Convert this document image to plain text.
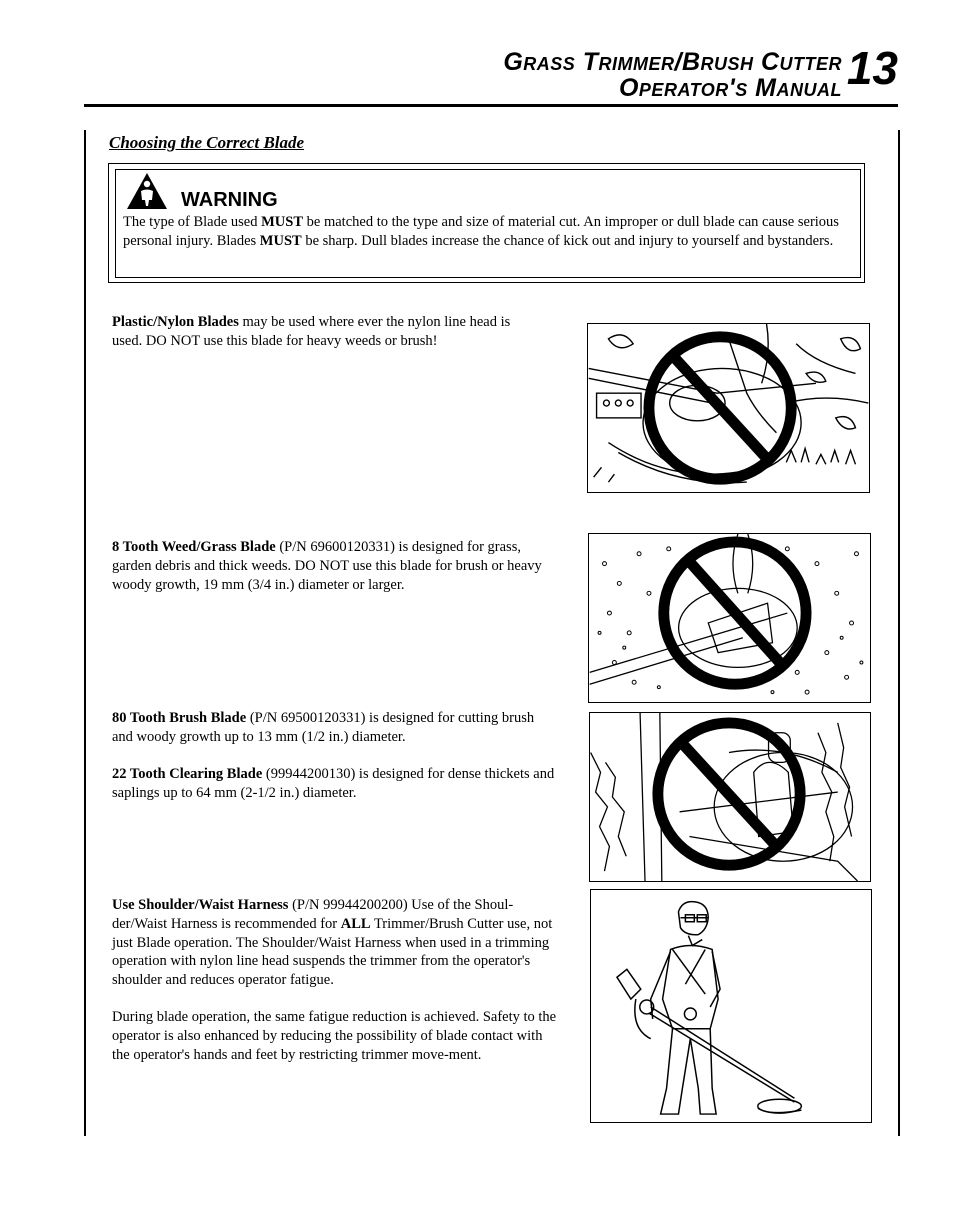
Grass Trimmer/Brush Cutter
Operator's Manual 13
Choosing the Correct Blade
WARNING
The type of Blade used MUST be matched to the type and size of material cut. An improper or dull blade can cause serious personal injury. Blades MUST be sharp. Dull blades increase the chance of kick out and injury to yourself and bystanders.
Plastic/Nylon Blades may be used where ever the nylon line head is used. DO NOT use this blade for heavy weeds or brush!
8 Tooth Weed/Grass Blade (P/N 69600120331) is designed for grass, garden debris and thick weeds. DO NOT use this blade for brush or heavy woody growth, 19 mm (3/4 in.) diameter or larger.
80 Tooth Brush Blade (P/N 69500120331) is designed for cutting brush and woody growth up to 13 mm (1/2 in.) diameter.
22 Tooth Clearing Blade (99944200130) is designed for dense thickets and saplings up to 64 mm (2-1/2 in.) diameter.
Use Shoulder/Waist Harness (P/N 99944200200) Use of the Shoul-der/Waist Harness is recommended for ALL Trimmer/Brush Cutter use, not just Blade operation. The Shoulder/Waist Harness when used in a trimming operation with nylon line head suspends the trimmer from the operator's shoulder and reduces operator fatigue.
During blade operation, the same fatigue reduction is achieved. Safety to the operator is also enhanced by reducing the possibility of blade contact with the operator's hands and feet by restricting trimmer move-ment.
